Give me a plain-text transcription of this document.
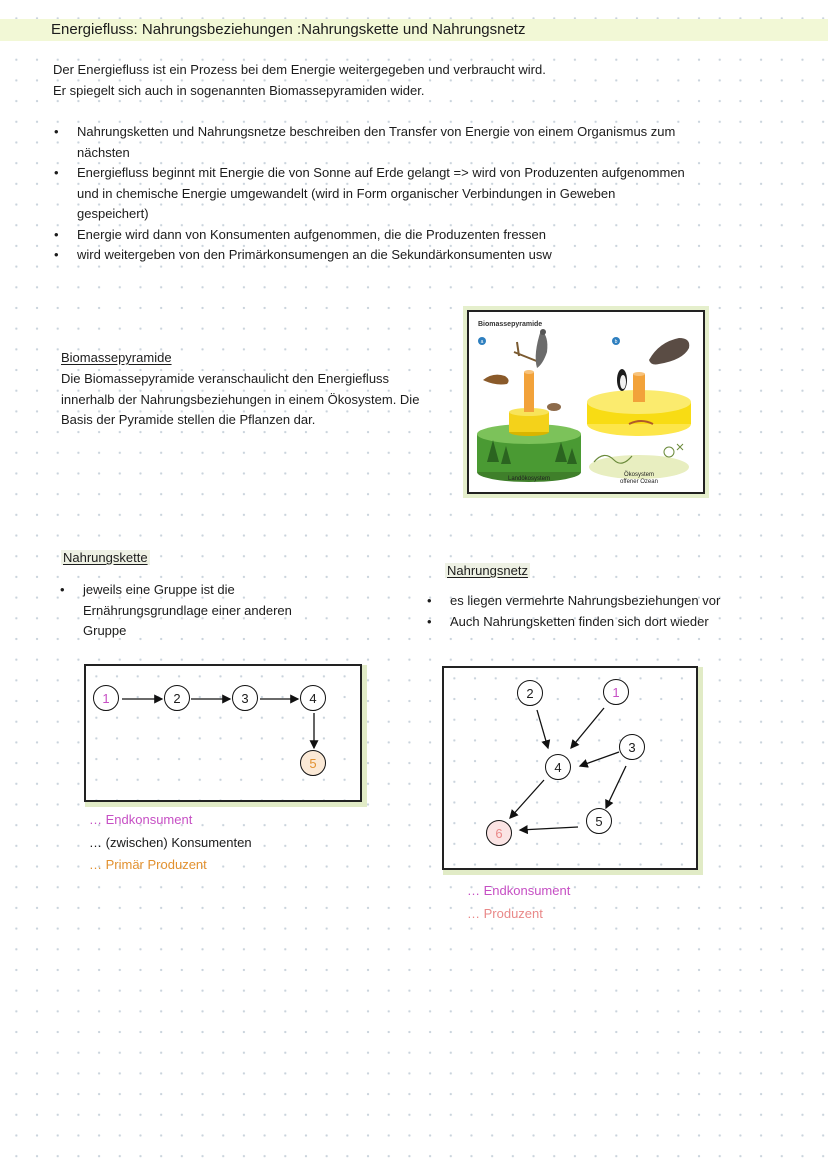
Energiefluss: Nahrungsbeziehungen :Nahrungskette und Nahrungsnetz
Der Energiefluss ist ein Prozess bei dem Energie weitergegeben und verbraucht wird.
Er spiegelt sich auch in sogenannten Biomassepyramiden wider.
• Nahrungsketten und Nahrungsnetze beschreiben den Transfer von Energie von einem Organismus zum nächsten
• Energiefluss beginnt mit Energie die von Sonne auf Erde gelangt => wird von Produzenten aufgenommen und in chemische Energie umgewandelt (wird in Form organischer Verbindungen in Geweben gespeichert)
• Energie wird dann von Konsumenten aufgenommen, die die Produzenten fressen
• wird weitergeben von den Primärkonsumengen an die Sekundärkonsumenten usw
Biomassepyramide
Die Biomassepyramide veranschaulicht den Energiefluss innerhalb der Nahrungsbeziehungen in einem Ökosystem. Die Basis der Pyramide stellen die Pflanzen dar.
Biomassepyramide
a	b
Landökosystem
Ökosystem
offener Ozean
Nahrungskette
• jeweils eine Gruppe ist die Ernährungsgrundlage einer anderen Gruppe
1	2	3	4
5
… Endkonsument
… (zwischen) Konsumenten
… Primär Produzent
Nahrungsnetz
• es liegen vermehrte Nahrungsbeziehungen vor
• Auch Nahrungsketten finden sich dort wieder
1
2
3
4
5
6
… Endkonsument
… Produzent
